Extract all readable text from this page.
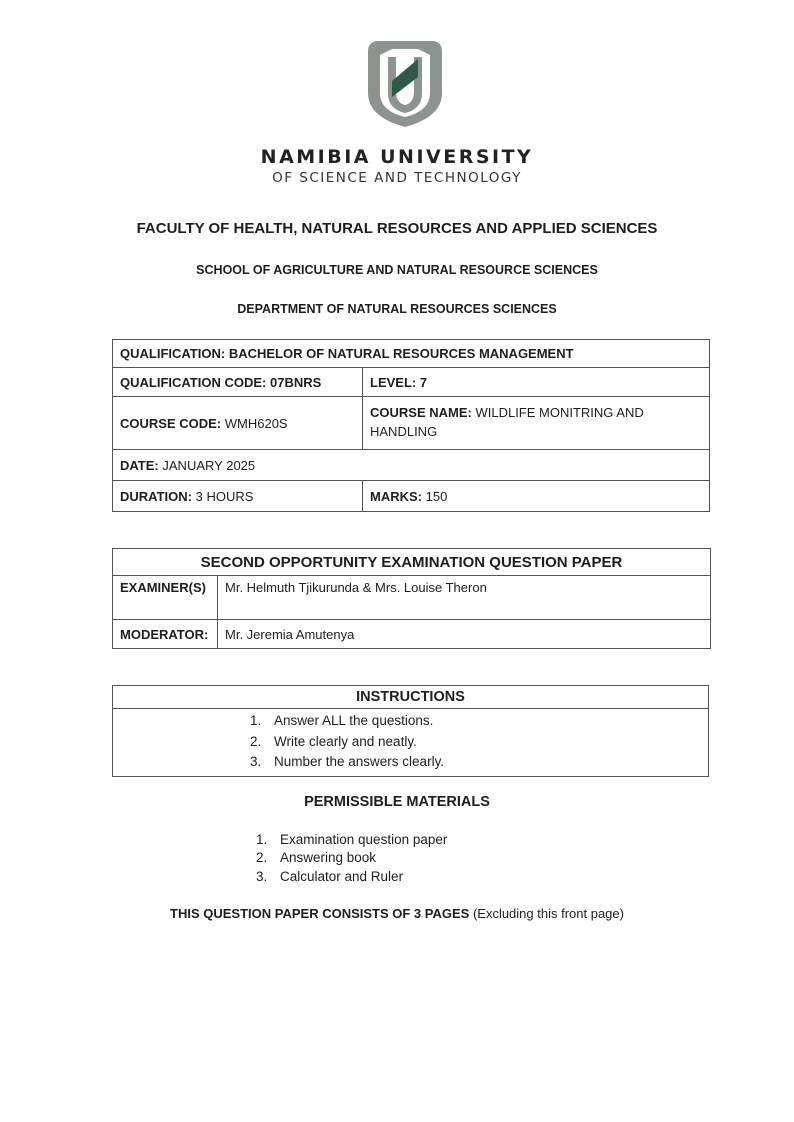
NAMIBIA UNIVERSITY
OF SCIENCE AND TECHNOLOGY
FACULTY OF HEALTH, NATURAL RESOURCES AND APPLIED SCIENCES
SCHOOL OF AGRICULTURE AND NATURAL RESOURCE SCIENCES
DEPARTMENT OF NATURAL RESOURCES SCIENCES
QUALIFICATION: BACHELOR OF NATURAL RESOURCES MANAGEMENT	
QUALIFICATION CODE: 07BNRS	LEVEL: 7
COURSE CODE: WMH620S	COURSE NAME: WILDLIFE MONITRING AND HANDLING
DATE: JANUARY 2025	
DURATION: 3 HOURS	MARKS: 150
SECOND OPPORTUNITY EXAMINATION QUESTION PAPER	
EXAMINER(S)	Mr. Helmuth Tjikurunda & Mrs. Louise Theron
MODERATOR:	Mr. Jeremia Amutenya
INSTRUCTIONS

1. Answer ALL the questions.
2. Write clearly and neatly.
3. Number the answers clearly.
PERMISSIBLE MATERIALS
1. Examination question paper
2. Answering book
3. Calculator and Ruler
THIS QUESTION PAPER CONSISTS OF 3 PAGES (Excluding this front page)
